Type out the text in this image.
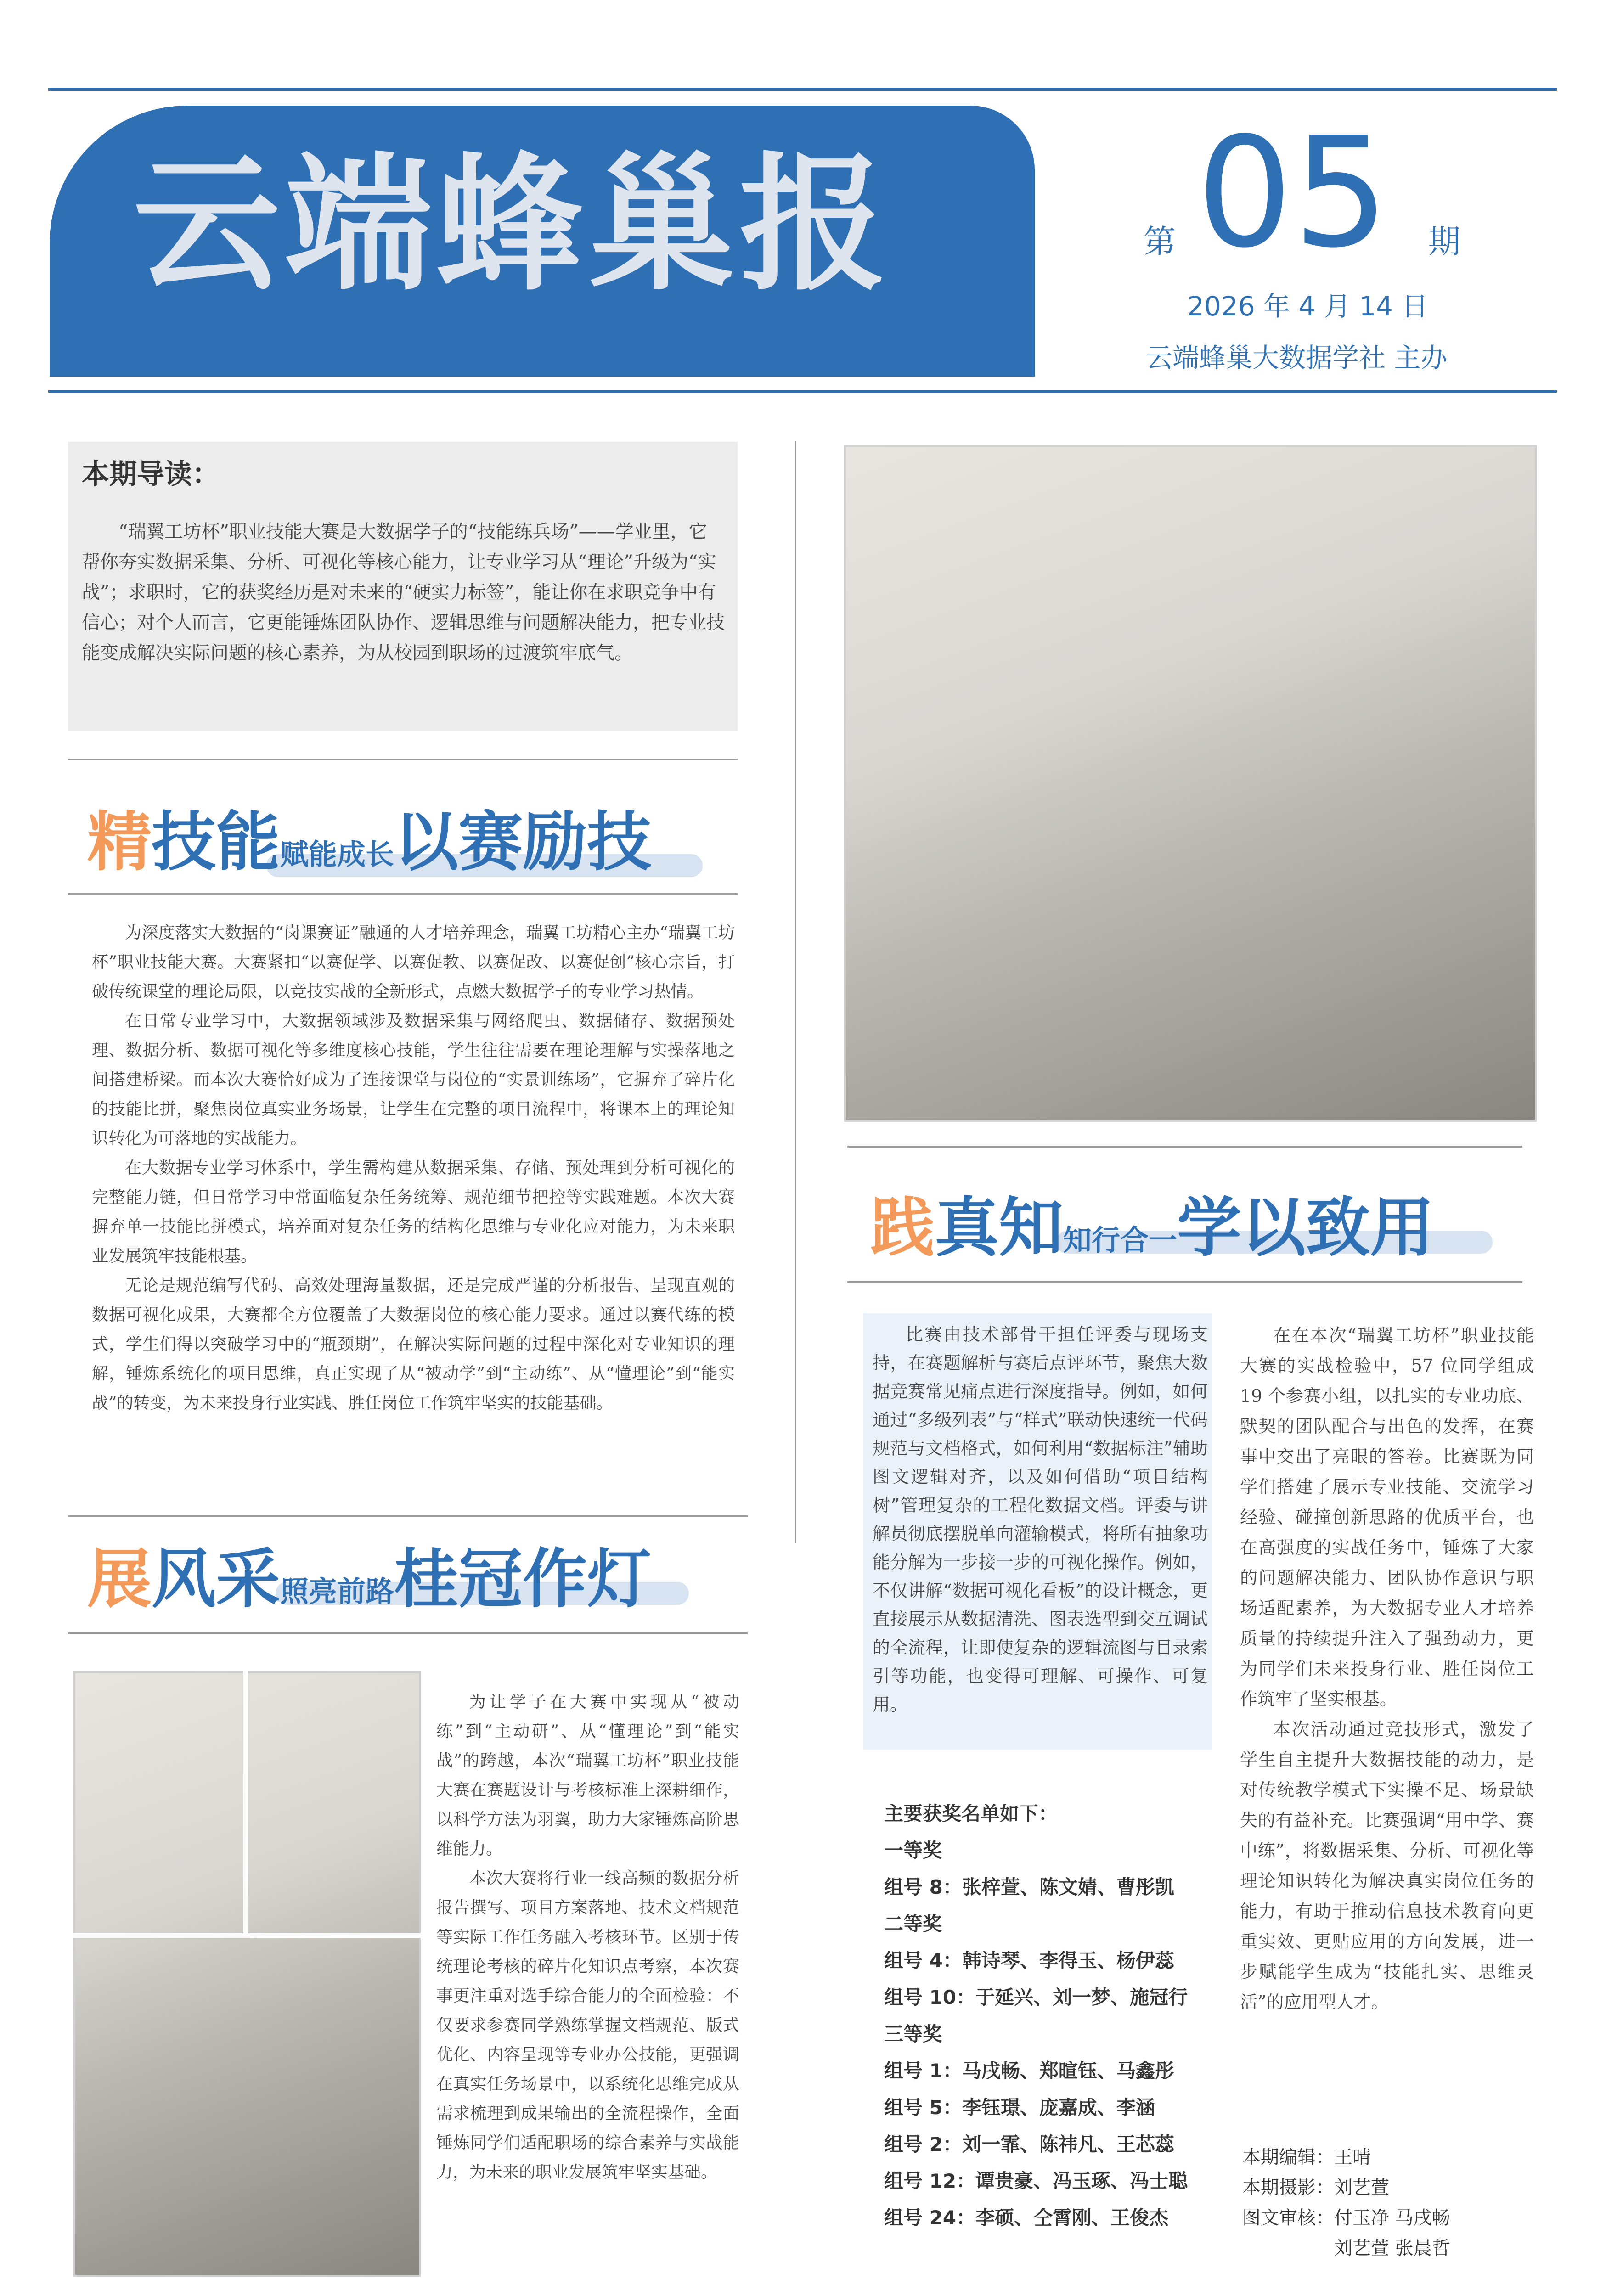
云端蜂巢报	第 05 期
2026 年 4 月 14 日
云端蜂巢大数据学社 主办
本期导读：
“瑞翼工坊杯”职业技能大赛是大数据学子的“技能练兵场”——学业里，它帮你夯实数据采集、分析、可视化等核心能力，让专业学习从“理论”升级为“实战”；求职时，它的获奖经历是对未来的“硬实力标签”，能让你在求职竞争中有信心；对个人而言，它更能锤炼团队协作、逻辑思维与问题解决能力，把专业技能变成解决实际问题的核心素养，为从校园到职场的过渡筑牢底气。
精技能赋能成长以赛励技

为深度落实大数据的“岗课赛证”融通的人才培养理念，瑞翼工坊精心主办“瑞翼工坊杯”职业技能大赛。大赛紧扣“以赛促学、以赛促教、以赛促改、以赛促创”核心宗旨，打破传统课堂的理论局限，以竞技实战的全新形式，点燃大数据学子的专业学习热情。

在日常专业学习中，大数据领域涉及数据采集与网络爬虫、数据储存、数据预处理、数据分析、数据可视化等多维度核心技能，学生往往需要在理论理解与实操落地之间搭建桥梁。而本次大赛恰好成为了连接课堂与岗位的“实景训练场”，它摒弃了碎片化的技能比拼，聚焦岗位真实业务场景，让学生在完整的项目流程中，将课本上的理论知识转化为可落地的实战能力。

在大数据专业学习体系中，学生需构建从数据采集、存储、预处理到分析可视化的完整能力链，但日常学习中常面临复杂任务统筹、规范细节把控等实践难题。本次大赛摒弃单一技能比拼模式，培养面对复杂任务的结构化思维与专业化应对能力，为未来职业发展筑牢技能根基。

无论是规范编写代码、高效处理海量数据，还是完成严谨的分析报告、呈现直观的数据可视化成果，大赛都全方位覆盖了大数据岗位的核心能力要求。通过以赛代练的模式，学生们得以突破学习中的“瓶颈期”，在解决实际问题的过程中深化对专业知识的理解，锤炼系统化的项目思维，真正实现了从“被动学”到“主动练”、从“懂理论”到“能实战”的转变，为未来投身行业实践、胜任岗位工作筑牢坚实的技能基础。

展风采照亮前路桂冠作灯

为让学子在大赛中实现从“被动练”到“主动研”、从“懂理论”到“能实战”的跨越，本次“瑞翼工坊杯”职业技能大赛在赛题设计与考核标准上深耕细作，以科学方法为羽翼，助力大家锤炼高阶思维能力。

本次大赛将行业一线高频的数据分析报告撰写、项目方案落地、技术文档规范等实际工作任务融入考核环节。区别于传统理论考核的碎片化知识点考察，本次赛事更注重对选手综合能力的全面检验：不仅要求参赛同学熟练掌握文档规范、版式优化、内容呈现等专业办公技能，更强调在真实任务场景中，以系统化思维完成从需求梳理到成果输出的全流程操作，全面锤炼同学们适配职场的综合素养与实战能力，为未来的职业发展筑牢坚实基础。

践真知知行合一学以致用
比赛由技术部骨干担任评委与现场支持，在赛题解析与赛后点评环节，聚焦大数据竞赛常见痛点进行深度指导。例如，如何通过“多级列表”与“样式”联动快速统一代码规范与文档格式，如何利用“数据标注”辅助图文逻辑对齐，以及如何借助“项目结构树”管理复杂的工程化数据文档。评委与讲解员彻底摆脱单向灌输模式，将所有抽象功能分解为一步接一步的可视化操作。例如，不仅讲解“数据可视化看板”的设计概念，更直接展示从数据清洗、图表选型到交互调试的全流程，让即使复杂的逻辑流图与目录索引等功能，也变得可理解、可操作、可复用。
主要获奖名单如下：
一等奖
组号 8：张梓萱、陈文婧、曹彤凯
二等奖
组号 4：韩诗琴、李得玉、杨伊蕊
组号 10：于延兴、刘一梦、施冠行
三等奖
组号 1：马戌畅、郑暄钰、马鑫彤
组号 5：李钰璟、庞嘉成、李涵
组号 2：刘一霏、陈祎凡、王芯蕊
组号 12：谭贵豪、冯玉琢、冯士聪
组号 24：李硕、仝霄刚、王俊杰

在在本次“瑞翼工坊杯”职业技能大赛的实战检验中，57 位同学组成 19 个参赛小组，以扎实的专业功底、默契的团队配合与出色的发挥，在赛事中交出了亮眼的答卷。比赛既为同学们搭建了展示专业技能、交流学习经验、碰撞创新思路的优质平台，也在高强度的实战任务中，锤炼了大家的问题解决能力、团队协作意识与职场适配素养，为大数据专业人才培养质量的持续提升注入了强劲动力，更为同学们未来投身行业、胜任岗位工作筑牢了坚实根基。

本次活动通过竞技形式，激发了学生自主提升大数据技能的动力，是对传统教学模式下实操不足、场景缺失的有益补充。比赛强调“用中学、赛中练”，将数据采集、分析、可视化等理论知识转化为解决真实岗位任务的能力，有助于推动信息技术教育向更重实效、更贴应用的方向发展，进一步赋能学生成为“技能扎实、思维灵活”的应用型人才。

本期编辑：王晴
本期摄影：刘艺萱
图文审核：付玉净 马戌畅
　　　　　刘艺萱 张晨哲
